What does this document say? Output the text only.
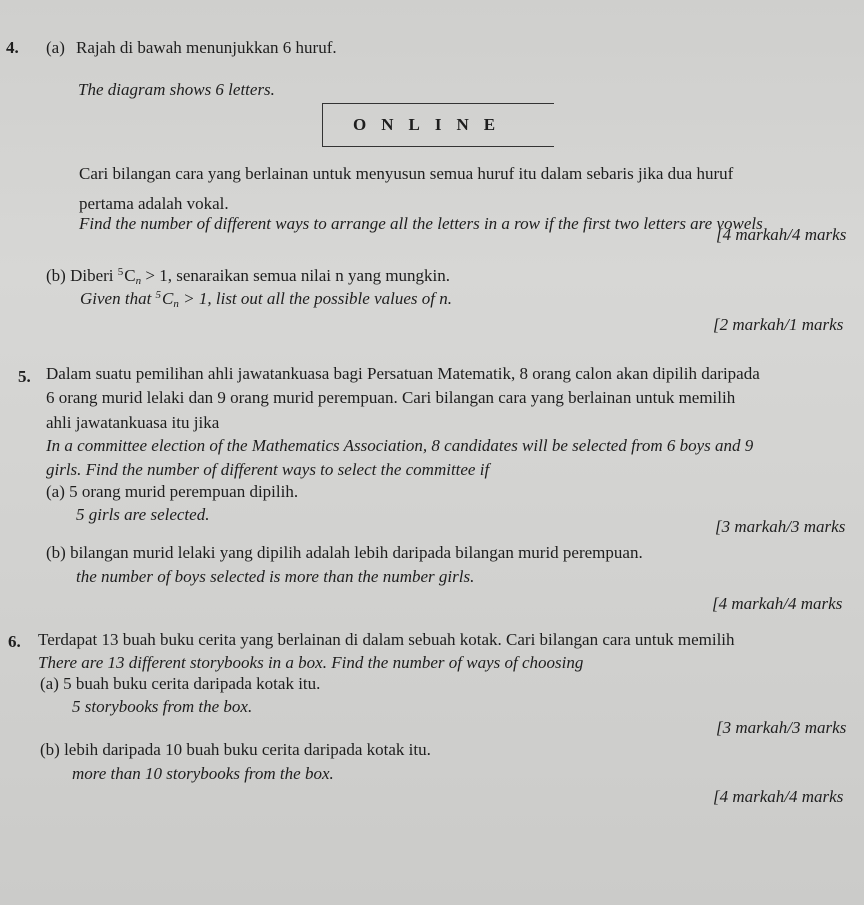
4. (a) Rajah di bawah menunjukkan 6 huruf.
The diagram shows 6 letters.
O N L I N E
Cari bilangan cara yang berlainan untuk menyusun semua huruf itu dalam sebaris jika dua huruf
pertama adalah vokal.
Find the number of different ways to arrange all the letters in a row if the first two letters are vowels
[4 markah/4 marks
(b) Diberi $^5C_n > 1$, senaraikan semua nilai n yang mungkin.
Given that $^5C_n > 1$, list out all the possible values of n.
[2 markah/1 marks
5. Dalam suatu pemilihan ahli jawatankuasa bagi Persatuan Matematik, 8 orang calon akan dipilih daripada
6 orang murid lelaki dan 9 orang murid perempuan. Cari bilangan cara yang berlainan untuk memilih
ahli jawatankuasa itu jika
In a committee election of the Mathematics Association, 8 candidates will be selected from 6 boys and 9
girls. Find the number of different ways to select the committee if
(a) 5 orang murid perempuan dipilih.
5 girls are selected.
[3 markah/3 marks
(b) bilangan murid lelaki yang dipilih adalah lebih daripada bilangan murid perempuan.
the number of boys selected is more than the number girls.
[4 markah/4 marks
6. Terdapat 13 buah buku cerita yang berlainan di dalam sebuah kotak. Cari bilangan cara untuk memilih
There are 13 different storybooks in a box. Find the number of ways of choosing
(a) 5 buah buku cerita daripada kotak itu.
5 storybooks from the box.
[3 markah/3 marks
(b) lebih daripada 10 buah buku cerita daripada kotak itu.
more than 10 storybooks from the box.
[4 markah/4 marks
